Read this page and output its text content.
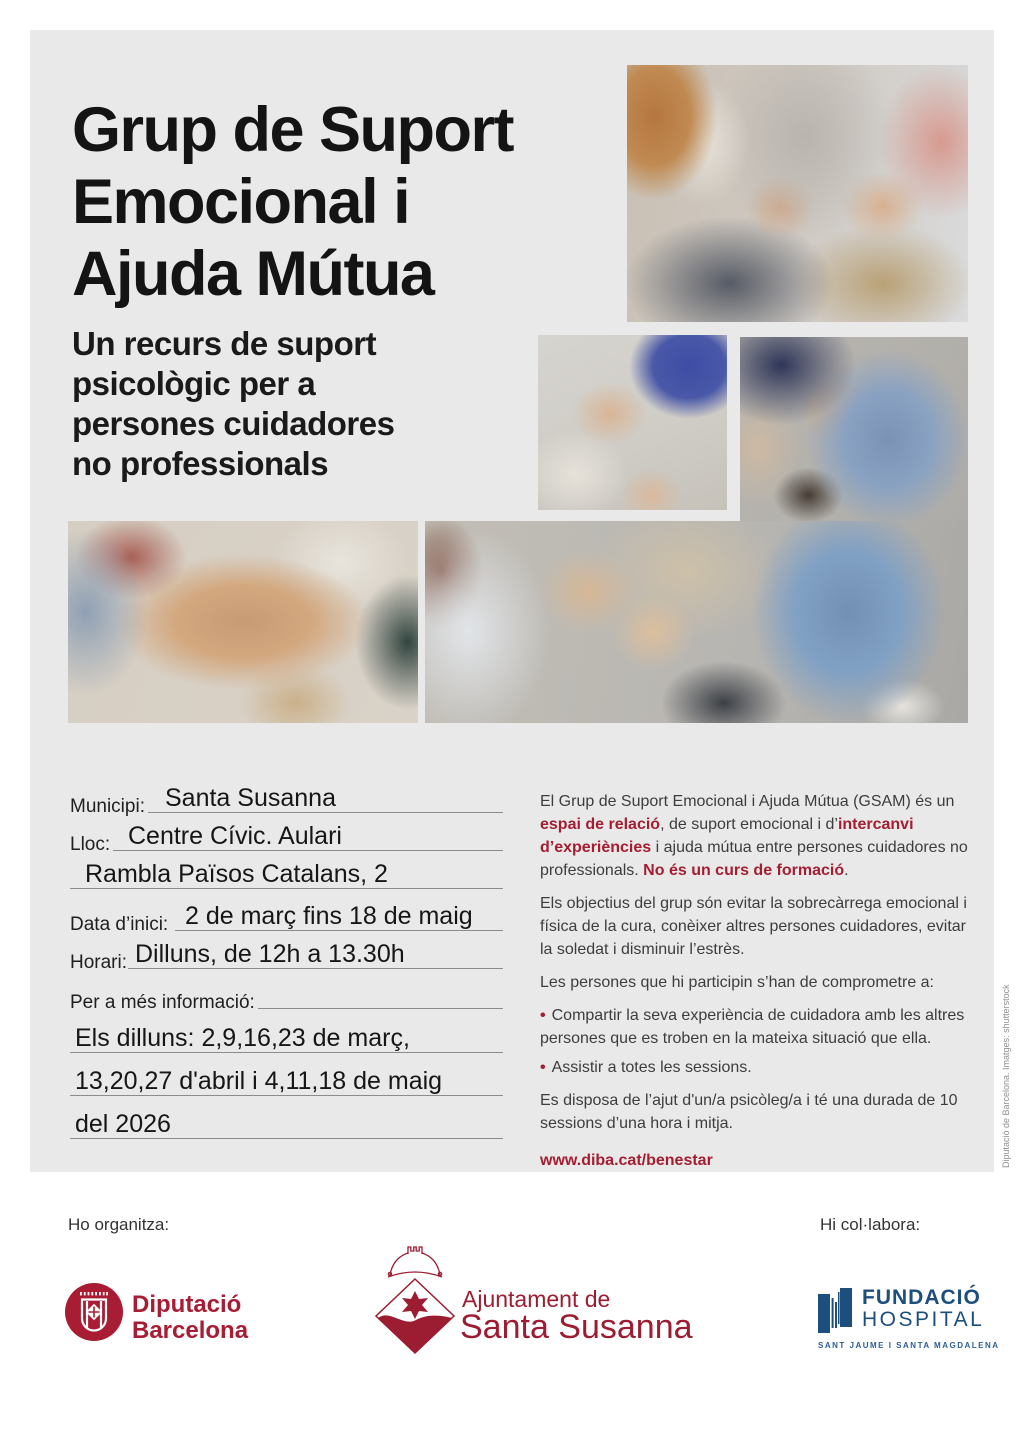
Grup de Suport
Emocional i
Ajuda Mútua
Un recurs de suport
psicològic per a
persones cuidadores
no professionals
Municipi: Santa Susanna
Lloc: Centre Cívic. Aulari
Rambla Països Catalans, 2
Data d’inici: 2 de març fins 18 de maig
Horari: Dilluns, de 12h a 13.30h
Per a més informació:
Els dilluns: 2,9,16,23 de març,
13,20,27 d'abril i 4,11,18 de maig
del 2026

El Grup de Suport Emocional i Ajuda Mútua (GSAM) és un espai de relació, de suport emocional i d’intercanvi d’experiències i ajuda mútua entre persones cuidadores no professionals. No és un curs de formació.

Els objectius del grup són evitar la sobrecàrrega emocional i física de la cura, conèixer altres persones cuidadores, evitar la soledat i disminuir l’estrès.

Les persones que hi participin s’han de comprometre a:

• Compartir la seva experiència de cuidadora amb les altres persones que es troben en la mateixa situació que ella.
• Assistir a totes les sessions.

Es disposa de l’ajut d'un/a psicòleg/a i té una durada de 10 sessions d’una hora i mitja.

www.diba.cat/benestar	Diputació de Barcelona. Imatges: shutterstock
Ho organitza:	Hi col·labora:
Diputació
Barcelona
Ajuntament de
Santa Susanna
FUNDACIÓ
HOSPITAL
SANT JAUME I SANTA MAGDALENA
